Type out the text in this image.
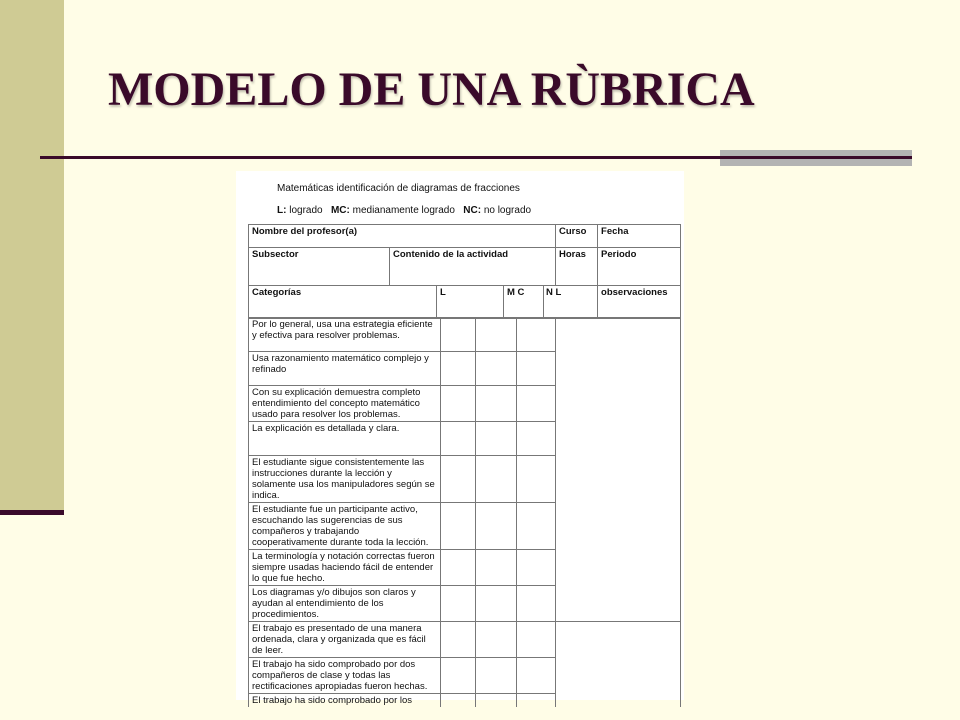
MODELO DE UNA RÙBRICA
Matemáticas identificación de diagramas de fracciones
L: logrado MC: medianamente logrado NC: no logrado
Nombre del profesor(a)					Curso	Fecha
Subsector	Contenido de la actividad				Horas	Periodo
Categorías		L	M C	N L		observaciones
Por lo general, usa una estrategia eficiente y efectiva para resolver problemas.				
Usa razonamiento matemático complejo y refinado				
Con su explicación demuestra completo entendimiento del concepto matemático usado para resolver los problemas.				
La explicación es detallada y clara.				
El estudiante sigue consistentemente las instrucciones durante la lección y solamente usa los manipuladores según se indica.				
El estudiante fue un participante activo, escuchando las sugerencias de sus compañeros y trabajando cooperativamente durante toda la lección.				
La terminología y notación correctas fueron siempre usadas haciendo fácil de entender lo que fue hecho.				
Los diagramas y/o dibujos son claros y ayudan al entendimiento de los procedimientos.				
El trabajo es presentado de una manera ordenada, clara y organizada que es fácil de leer.				
El trabajo ha sido comprobado por dos compañeros de clase y todas las rectificaciones apropiadas fueron hechas.				
El trabajo ha sido comprobado por los				
